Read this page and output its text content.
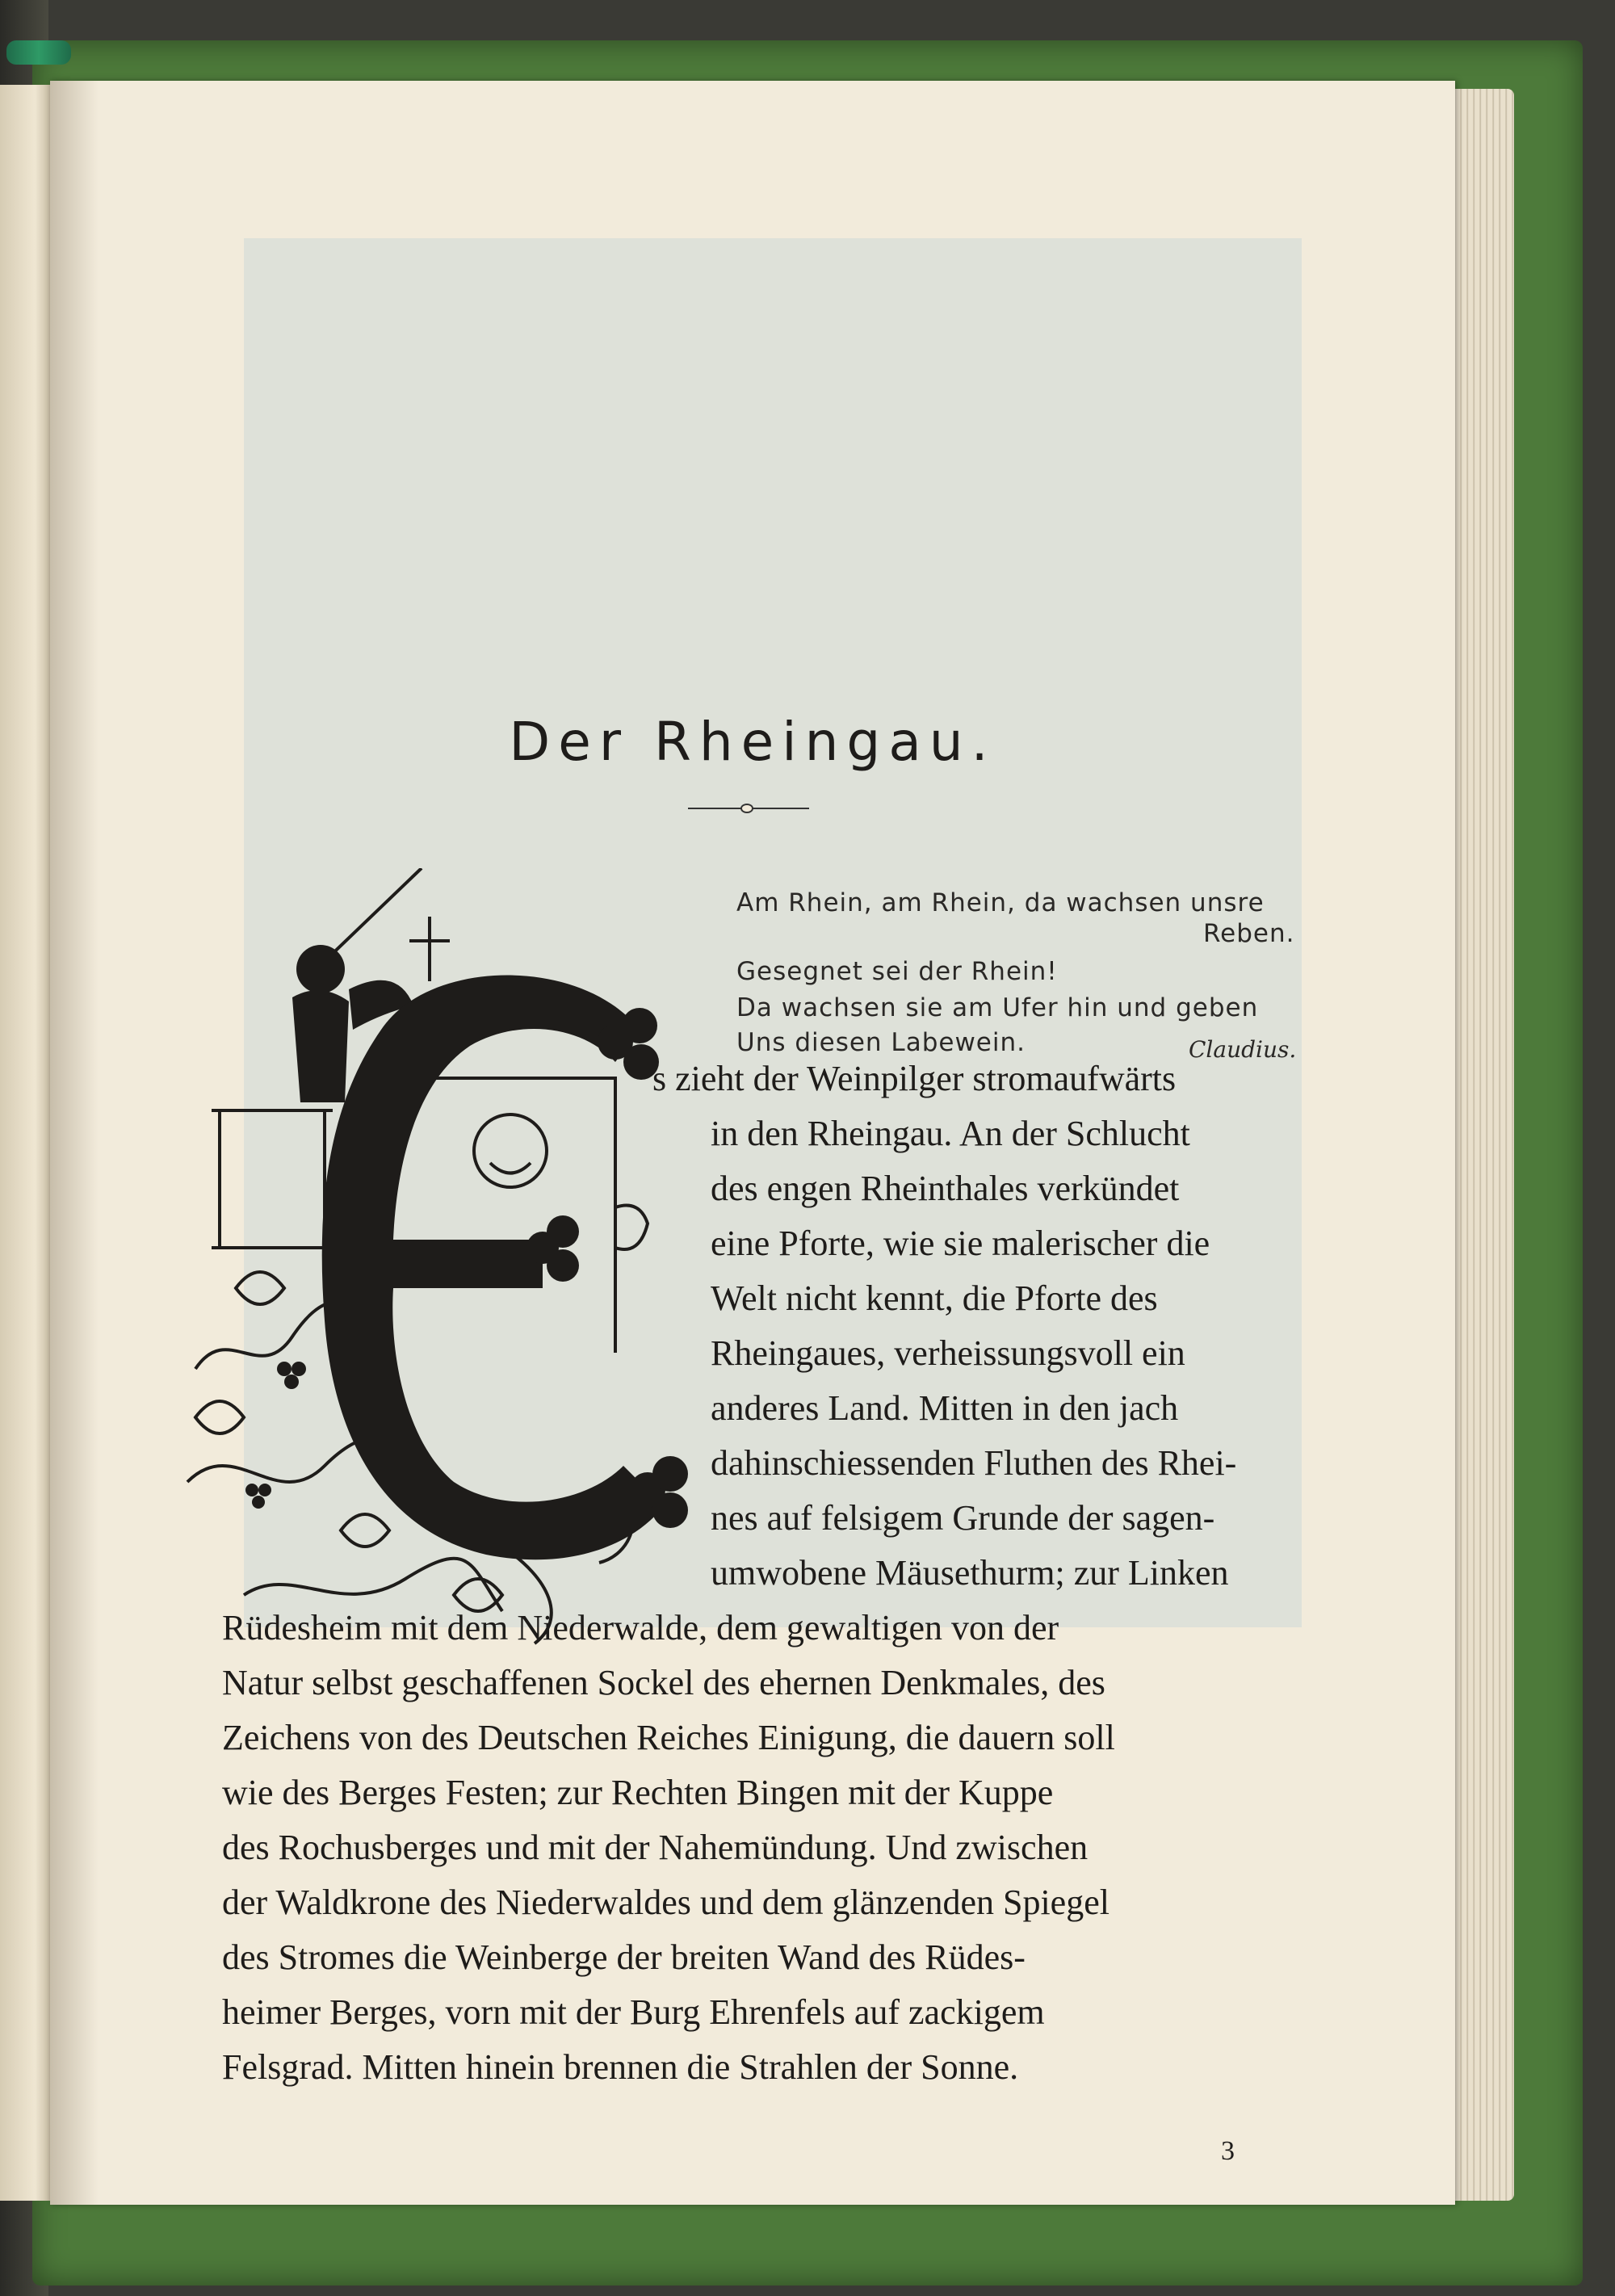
Der Rheingau.
Am Rhein, am Rhein, da wachsen unsre
Reben.
Gesegnet sei der Rhein!
Da wachsen sie am Ufer hin und geben
Uns diesen Labewein.	Claudius.
s zieht der Weinpilger stromaufwärts
in den Rheingau. An der Schlucht
des engen Rheinthales verkündet
eine Pforte, wie sie malerischer die
Welt nicht kennt, die Pforte des
Rheingaues, verheissungsvoll ein
anderes Land. Mitten in den jach
dahinschiessenden Fluthen des Rhei-
nes auf felsigem Grunde der sagen-
umwobene Mäusethurm; zur Linken
Rüdesheim mit dem Niederwalde, dem gewaltigen von der
Natur selbst geschaffenen Sockel des ehernen Denkmales, des
Zeichens von des Deutschen Reiches Einigung, die dauern soll
wie des Berges Festen; zur Rechten Bingen mit der Kuppe
des Rochusberges und mit der Nahemündung. Und zwischen
der Waldkrone des Niederwaldes und dem glänzenden Spiegel
des Stromes die Weinberge der breiten Wand des Rüdes-
heimer Berges, vorn mit der Burg Ehrenfels auf zackigem
Felsgrad. Mitten hinein brennen die Strahlen der Sonne.
3
